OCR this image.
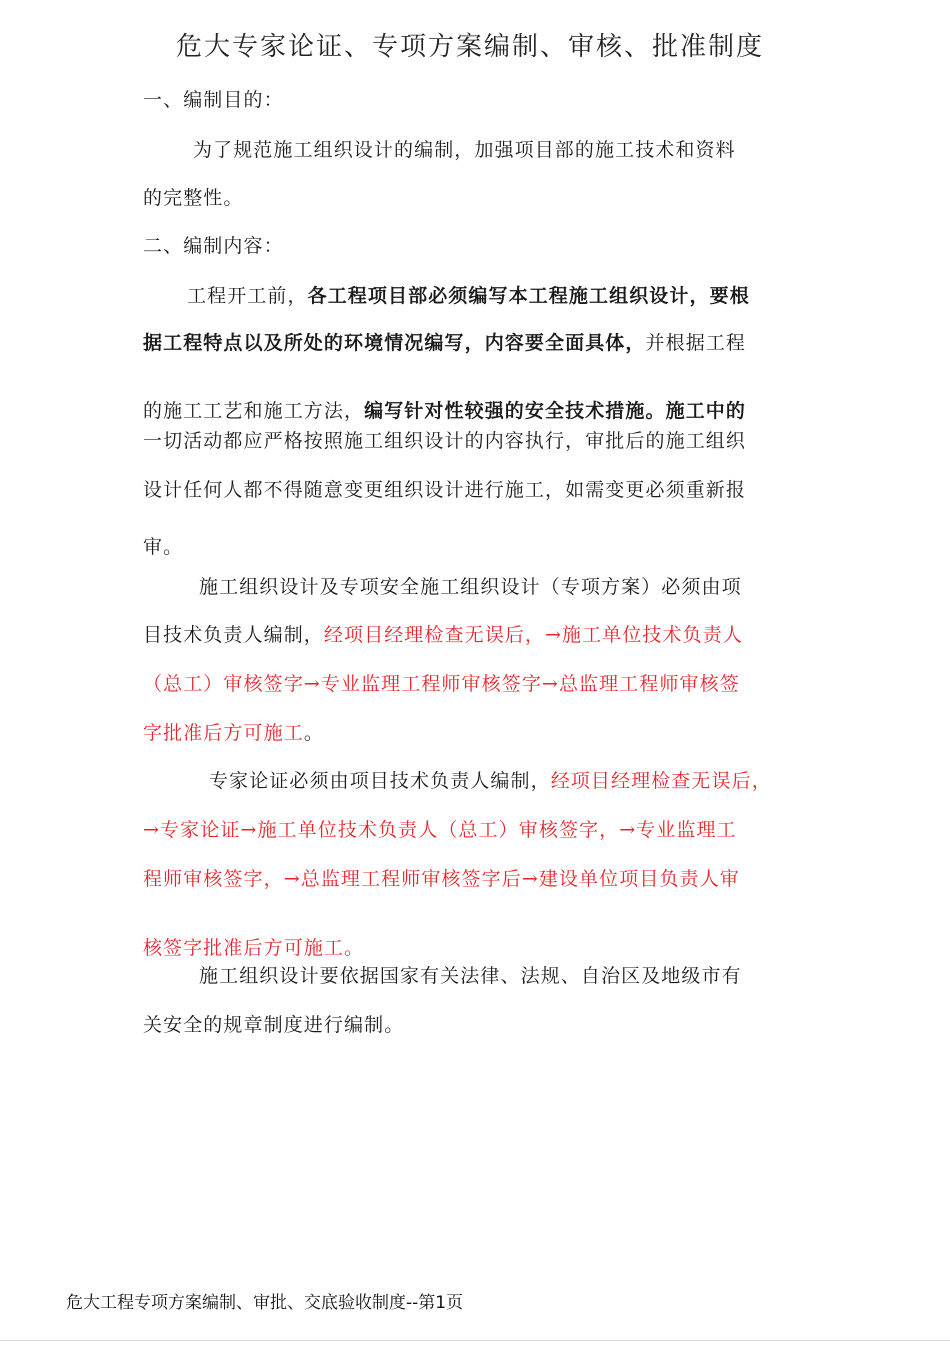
危大专家论证、专项方案编制、审核、批准制度
一、编制目的：
为了规范施工组织设计的编制，加强项目部的施工技术和资料
的完整性。
二、编制内容：
工程开工前，各工程项目部必须编写本工程施工组织设计，要根
据工程特点以及所处的环境情况编写，内容要全面具体，并根据工程
的施工工艺和施工方法，编写针对性较强的安全技术措施。施工中的
一切活动都应严格按照施工组织设计的内容执行，审批后的施工组织
设计任何人都不得随意变更组织设计进行施工，如需变更必须重新报
审。
施工组织设计及专项安全施工组织设计（专项方案）必须由项
目技术负责人编制，经项目经理检查无误后，→施工单位技术负责人
（总工）审核签字→专业监理工程师审核签字→总监理工程师审核签
字批准后方可施工。
专家论证必须由项目技术负责人编制，经项目经理检查无误后，
→专家论证→施工单位技术负责人（总工）审核签字，→专业监理工
程师审核签字，→总监理工程师审核签字后→建设单位项目负责人审
核签字批准后方可施工。
施工组织设计要依据国家有关法律、法规、自治区及地级市有
关安全的规章制度进行编制。
危大工程专项方案编制、审批、交底验收制度--第1页
